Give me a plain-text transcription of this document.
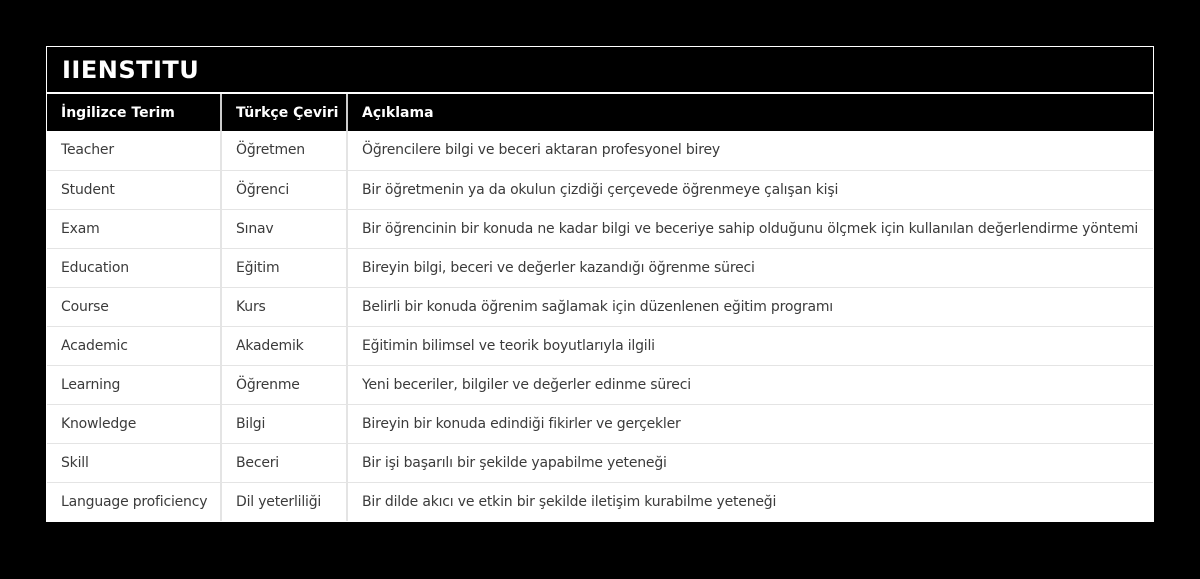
IIENSTITU
İngilizce Terim	Türkçe Çeviri	Açıklama
Teacher	Öğretmen	Öğrencilere bilgi ve beceri aktaran profesyonel birey
Student	Öğrenci	Bir öğretmenin ya da okulun çizdiği çerçevede öğrenmeye çalışan kişi
Exam	Sınav	Bir öğrencinin bir konuda ne kadar bilgi ve beceriye sahip olduğunu ölçmek için kullanılan değerlendirme yöntemi
Education	Eğitim	Bireyin bilgi, beceri ve değerler kazandığı öğrenme süreci
Course	Kurs	Belirli bir konuda öğrenim sağlamak için düzenlenen eğitim programı
Academic	Akademik	Eğitimin bilimsel ve teorik boyutlarıyla ilgili
Learning	Öğrenme	Yeni beceriler, bilgiler ve değerler edinme süreci
Knowledge	Bilgi	Bireyin bir konuda edindiği fikirler ve gerçekler
Skill	Beceri	Bir işi başarılı bir şekilde yapabilme yeteneği
Language proficiency	Dil yeterliliği	Bir dilde akıcı ve etkin bir şekilde iletişim kurabilme yeteneği
